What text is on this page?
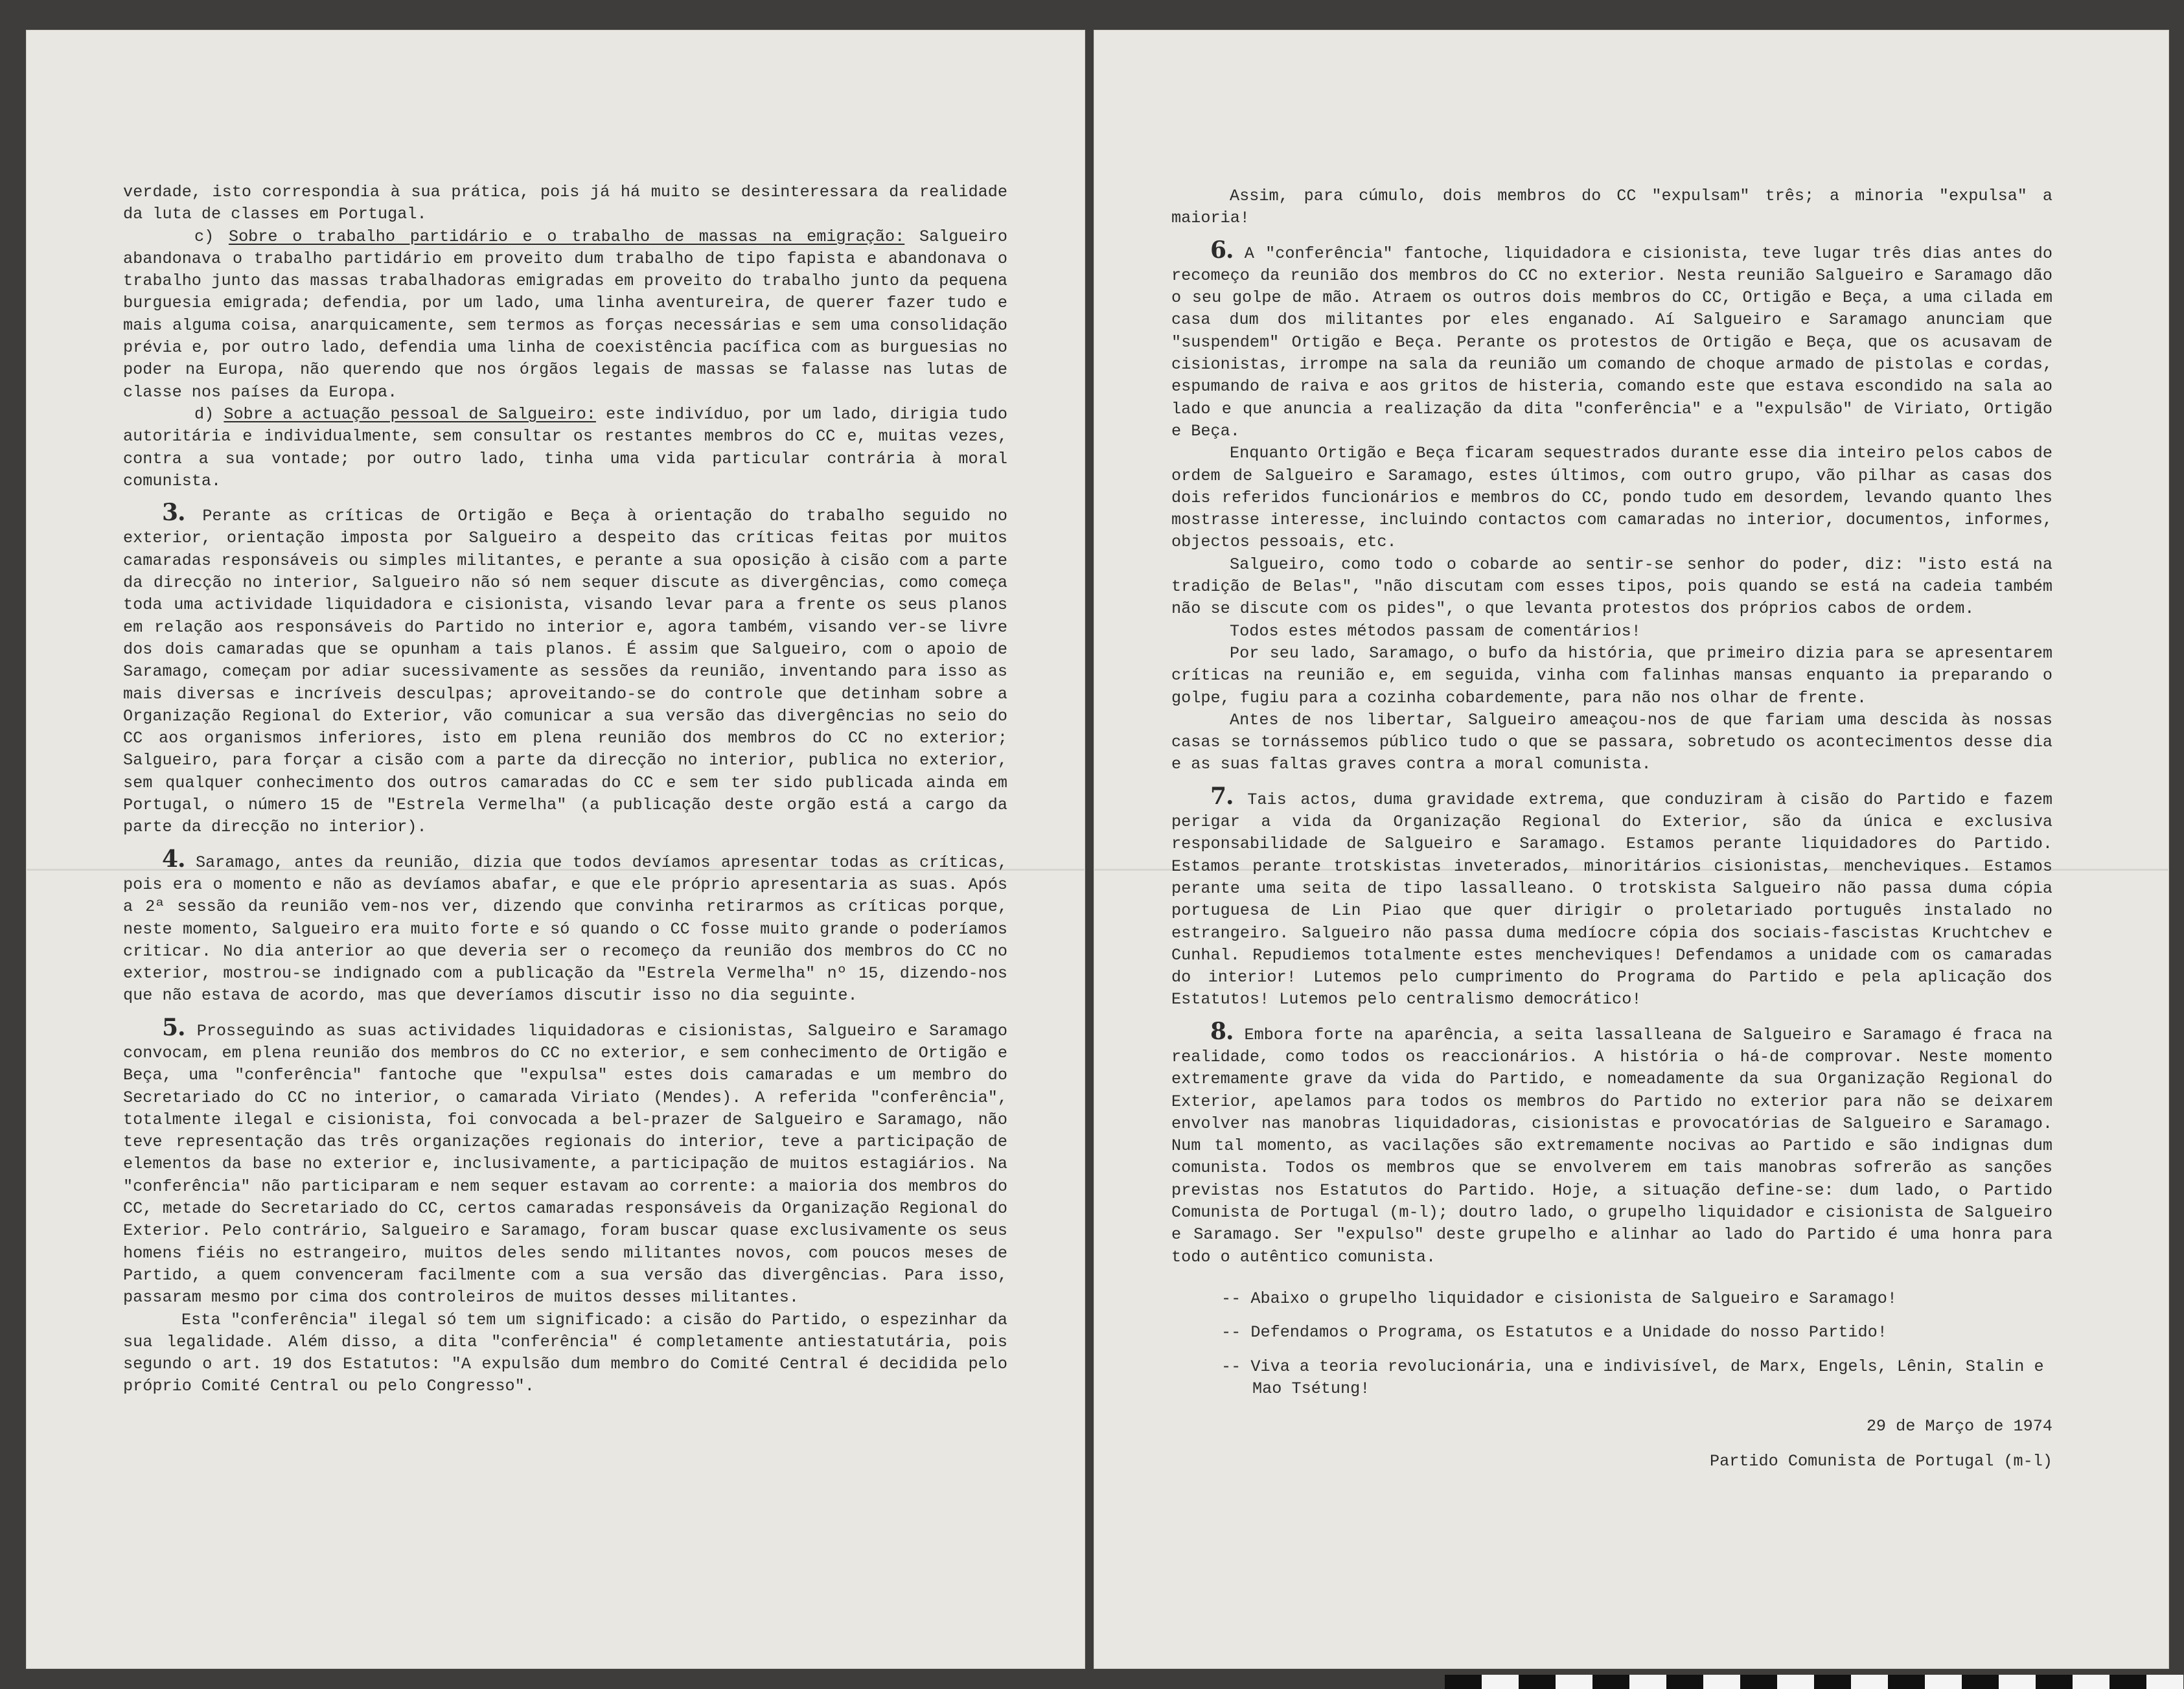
verdade, isto correspondia à sua prática, pois já há muito se desinteressara da realidade da luta de classes em Portugal.

c) Sobre o trabalho partidário e o trabalho de massas na emigração: Salgueiro abandonava o trabalho partidário em proveito dum trabalho de tipo fapista e abandonava o trabalho junto das massas trabalhadoras emigradas em proveito do trabalho junto da pequena burguesia emigrada; defendia, por um lado, uma linha aventureira, de querer fazer tudo e mais alguma coisa, anarquicamente, sem termos as forças necessárias e sem uma consolidação prévia e, por outro lado, defendia uma linha de coexistência pacífica com as burguesias no poder na Europa, não querendo que nos órgãos legais de massas se falasse nas lutas de classe nos países da Europa.

d) Sobre a actuação pessoal de Salgueiro: este indivíduo, por um lado, dirigia tudo autoritária e individualmente, sem consultar os restantes membros do CC e, muitas vezes, contra a sua vontade; por outro lado, tinha uma vida particular contrária à moral comunista.

3. Perante as críticas de Ortigão e Beça à orientação do trabalho seguido no exterior, orientação imposta por Salgueiro a despeito das críticas feitas por muitos camaradas responsáveis ou simples militantes, e perante a sua oposição à cisão com a parte da direcção no interior, Salgueiro não só nem sequer discute as divergências, como começa toda uma actividade liquidadora e cisionista, visando levar para a frente os seus planos em relação aos responsáveis do Partido no interior e, agora também, visando ver-se livre dos dois camaradas que se opunham a tais planos. É assim que Salgueiro, com o apoio de Saramago, começam por adiar sucessivamente as sessões da reunião, inventando para isso as mais diversas e incríveis desculpas; aproveitando-se do controle que detinham sobre a Organização Regional do Exterior, vão comunicar a sua versão das divergências no seio do CC aos organismos inferiores, isto em plena reunião dos membros do CC no exterior; Salgueiro, para forçar a cisão com a parte da direcção no interior, publica no exterior, sem qualquer conhecimento dos outros camaradas do CC e sem ter sido publicada ainda em Portugal, o número 15 de "Estrela Vermelha" (a publicação deste orgão está a cargo da parte da direcção no interior).

4. Saramago, antes da reunião, dizia que todos devíamos apresentar todas as críticas, pois era o momento e não as devíamos abafar, e que ele próprio apresentaria as suas. Após a 2ª sessão da reunião vem-nos ver, dizendo que convinha retirarmos as críticas porque, neste momento, Salgueiro era muito forte e só quando o CC fosse muito grande o poderíamos criticar. No dia anterior ao que deveria ser o recomeço da reunião dos membros do CC no exterior, mostrou-se indignado com a publicação da "Estrela Vermelha" nº 15, dizendo-nos que não estava de acordo, mas que deveríamos discutir isso no dia seguinte.

5. Prosseguindo as suas actividades liquidadoras e cisionistas, Salgueiro e Saramago convocam, em plena reunião dos membros do CC no exterior, e sem conhecimento de Ortigão e Beça, uma "conferência" fantoche que "expulsa" estes dois camaradas e um membro do Secretariado do CC no interior, o camarada Viriato (Mendes). A referida "conferência", totalmente ilegal e cisionista, foi convocada a bel-prazer de Salgueiro e Saramago, não teve representação das três organizações regionais do interior, teve a participação de elementos da base no exterior e, inclusivamente, a participação de muitos estagiários. Na "conferência" não participaram e nem sequer estavam ao corrente: a maioria dos membros do CC, metade do Secretariado do CC, certos camaradas responsáveis da Organização Regional do Exterior. Pelo contrário, Salgueiro e Saramago, foram buscar quase exclusivamente os seus homens fiéis no estrangeiro, muitos deles sendo militantes novos, com poucos meses de Partido, a quem convenceram facilmente com a sua versão das divergências. Para isso, passaram mesmo por cima dos controleiros de muitos desses militantes.

Esta "conferência" ilegal só tem um significado: a cisão do Partido, o espezinhar da sua legalidade. Além disso, a dita "conferência" é completamente antiestatutária, pois segundo o art. 19 dos Estatutos: "A expulsão dum membro do Comité Central é decidida pelo próprio Comité Central ou pelo Congresso".

Assim, para cúmulo, dois membros do CC "expulsam" três; a minoria "expulsa" a maioria!

6. A "conferência" fantoche, liquidadora e cisionista, teve lugar três dias antes do recomeço da reunião dos membros do CC no exterior. Nesta reunião Salgueiro e Saramago dão o seu golpe de mão. Atraem os outros dois membros do CC, Ortigão e Beça, a uma cilada em casa dum dos militantes por eles enganado. Aí Salgueiro e Saramago anunciam que "suspendem" Ortigão e Beça. Perante os protestos de Ortigão e Beça, que os acusavam de cisionistas, irrompe na sala da reunião um comando de choque armado de pistolas e cordas, espumando de raiva e aos gritos de histeria, comando este que estava escondido na sala ao lado e que anuncia a realização da dita "conferência" e a "expulsão" de Viriato, Ortigão e Beça.

Enquanto Ortigão e Beça ficaram sequestrados durante esse dia inteiro pelos cabos de ordem de Salgueiro e Saramago, estes últimos, com outro grupo, vão pilhar as casas dos dois referidos funcionários e membros do CC, pondo tudo em desordem, levando quanto lhes mostrasse interesse, incluindo contactos com camaradas no interior, documentos, informes, objectos pessoais, etc.

Salgueiro, como todo o cobarde ao sentir-se senhor do poder, diz: "isto está na tradição de Belas", "não discutam com esses tipos, pois quando se está na cadeia também não se discute com os pides", o que levanta protestos dos próprios cabos de ordem.

Todos estes métodos passam de comentários!

Por seu lado, Saramago, o bufo da história, que primeiro dizia para se apresentarem críticas na reunião e, em seguida, vinha com falinhas mansas enquanto ia preparando o golpe, fugiu para a cozinha cobardemente, para não nos olhar de frente.

Antes de nos libertar, Salgueiro ameaçou-nos de que fariam uma descida às nossas casas se tornássemos público tudo o que se passara, sobretudo os acontecimentos desse dia e as suas faltas graves contra a moral comunista.

7. Tais actos, duma gravidade extrema, que conduziram à cisão do Partido e fazem perigar a vida da Organização Regional do Exterior, são da única e exclusiva responsabilidade de Salgueiro e Saramago. Estamos perante liquidadores do Partido. Estamos perante trotskistas inveterados, minoritários cisionistas, mencheviques. Estamos perante uma seita de tipo lassalleano. O trotskista Salgueiro não passa duma cópia portuguesa de Lin Piao que quer dirigir o proletariado português instalado no estrangeiro. Salgueiro não passa duma medíocre cópia dos sociais-fascistas Kruchtchev e Cunhal. Repudiemos totalmente estes mencheviques! Defendamos a unidade com os camaradas do interior! Lutemos pelo cumprimento do Programa do Partido e pela aplicação dos Estatutos! Lutemos pelo centralismo democrático!

8. Embora forte na aparência, a seita lassalleana de Salgueiro e Saramago é fraca na realidade, como todos os reaccionários. A história o há-de comprovar. Neste momento extremamente grave da vida do Partido, e nomeadamente da sua Organização Regional do Exterior, apelamos para todos os membros do Partido no exterior para não se deixarem envolver nas manobras liquidadoras, cisionistas e provocatórias de Salgueiro e Saramago. Num tal momento, as vacilações são extremamente nocivas ao Partido e são indignas dum comunista. Todos os membros que se envolverem em tais manobras sofrerão as sanções previstas nos Estatutos do Partido. Hoje, a situação define-se: dum lado, o Partido Comunista de Portugal (m-l); doutro lado, o grupelho liquidador e cisionista de Salgueiro e Saramago. Ser "expulso" deste grupelho e alinhar ao lado do Partido é uma honra para todo o autêntico comunista.

-- Abaixo o grupelho liquidador e cisionista de Salgueiro e Saramago!

-- Defendamos o Programa, os Estatutos e a Unidade do nosso Partido!

-- Viva a teoria revolucionária, una e indivisível, de Marx, Engels, Lênin, Stalin e Mao Tsétung!

29 de Março de 1974

Partido Comunista de Portugal (m-l)
